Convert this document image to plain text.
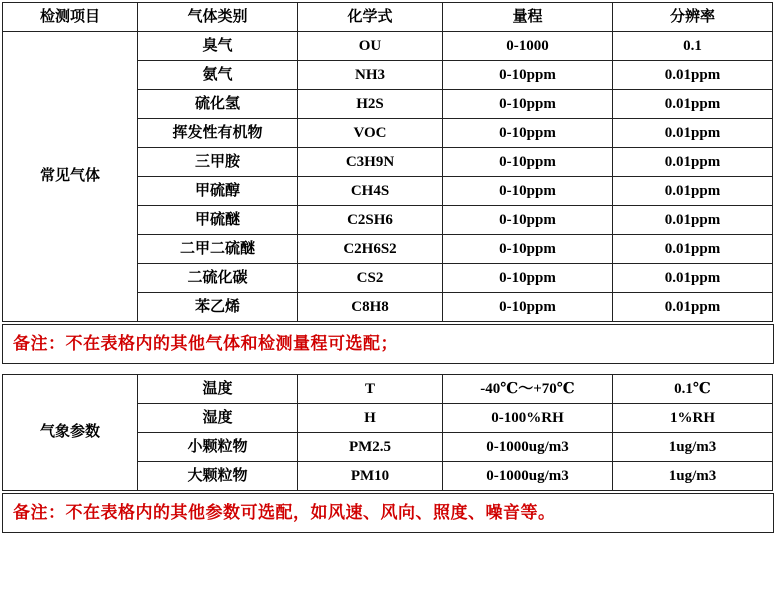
检测项目	气体类别	化学式	量程	分辨率
常见气体	臭气	OU	0-1000	0.1
	氨气	NH3	0-10ppm	0.01ppm
	硫化氢	H2S	0-10ppm	0.01ppm
	挥发性有机物	VOC	0-10ppm	0.01ppm
	三甲胺	C3H9N	0-10ppm	0.01ppm
	甲硫醇	CH4S	0-10ppm	0.01ppm
	甲硫醚	C2SH6	0-10ppm	0.01ppm
	二甲二硫醚	C2H6S2	0-10ppm	0.01ppm
	二硫化碳	CS2	0-10ppm	0.01ppm
	苯乙烯	C8H8	0-10ppm	0.01ppm
备注：不在表格内的其他气体和检测量程可选配；
气象参数	温度	T	-40℃～+70℃	0.1℃
	湿度	H	0-100%RH	1%RH
	小颗粒物	PM2.5	0-1000ug/m3	1ug/m3
	大颗粒物	PM10	0-1000ug/m3	1ug/m3
备注：不在表格内的其他参数可选配，如风速、风向、照度、噪音等。
